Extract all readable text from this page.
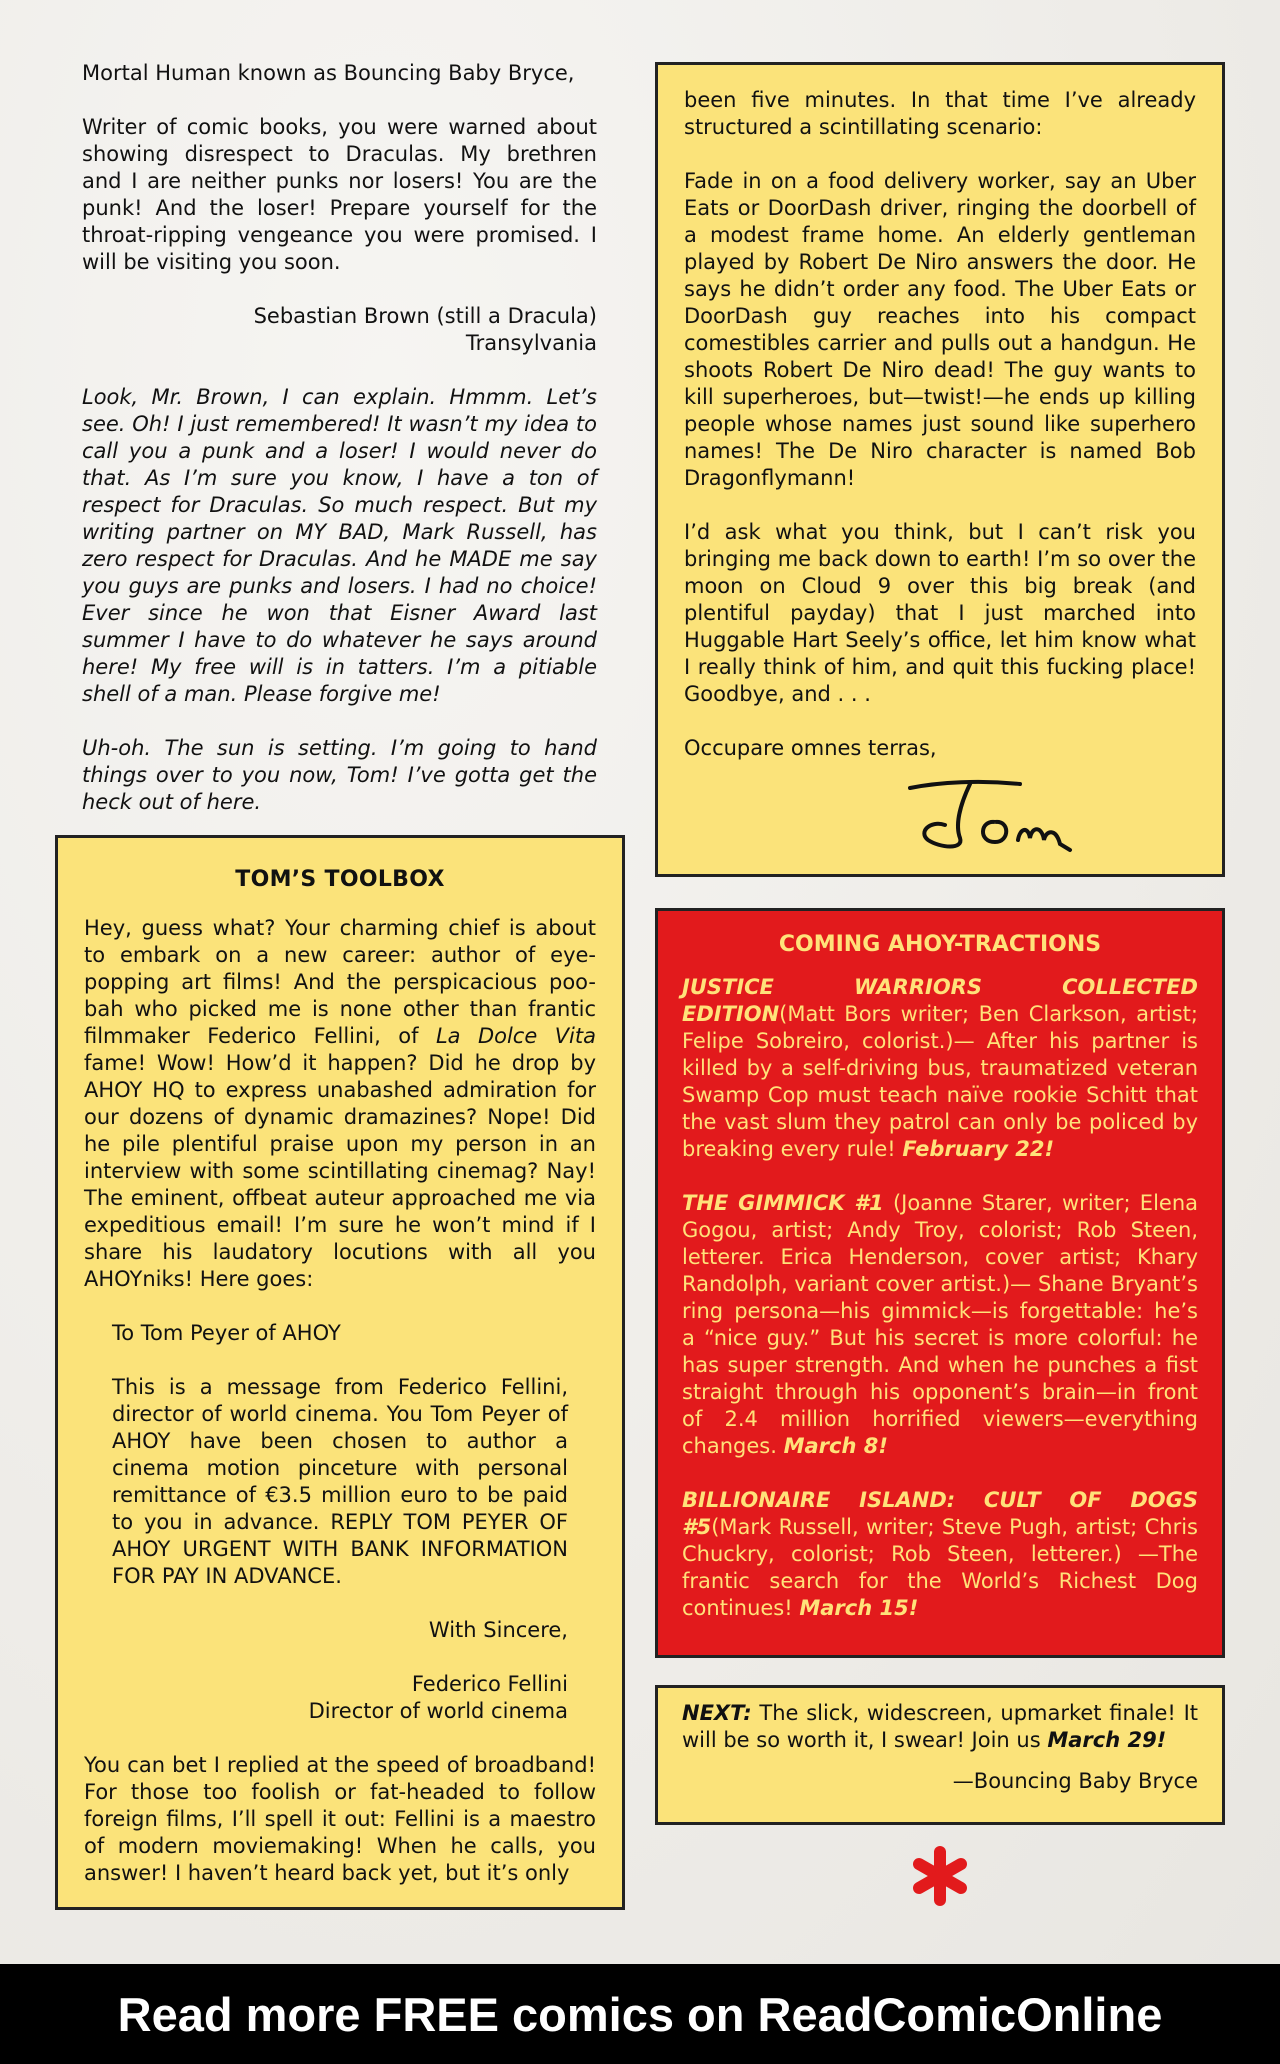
Mortal Human known as Bouncing Baby Bryce,

Writer of comic books, you were warned about showing disrespect to Draculas. My brethren and I are neither punks nor losers! You are the punk! And the loser! Prepare yourself for the throat-ripping vengeance you were promised. I will be visiting you soon.

Sebastian Brown (still a Dracula)

Transylvania

Look, Mr. Brown, I can explain. Hmmm. Let’s see. Oh! I just remembered! It wasn’t my idea to call you a punk and a loser! I would never do that. As I’m sure you know, I have a ton of respect for Draculas. So much respect. But my writing partner on MY BAD, Mark Russell, has zero respect for Draculas. And he MADE me say you guys are punks and losers. I had no choice! Ever since he won that Eisner Award last summer I have to do whatever he says around here! My free will is in tatters. I’m a pitiable shell of a man. Please forgive me!

Uh-oh. The sun is setting. I’m going to hand things over to you now, Tom! I’ve gotta get the heck out of here.

TOM’S TOOLBOX

Hey, guess what? Your charming chief is about to embark on a new career: author of eye-popping art films! And the perspicacious poo-bah who picked me is none other than frantic filmmaker Federico Fellini, of La Dolce Vita fame! Wow! How’d it happen? Did he drop by AHOY HQ to express unabashed admiration for our dozens of dynamic dramazines? Nope! Did he pile plentiful praise upon my person in an interview with some scintillating cinemag? Nay! The eminent, offbeat auteur approached me via expeditious email! I’m sure he won’t mind if I share his laudatory locutions with all you AHOYniks! Here goes:

To Tom Peyer of AHOY

This is a message from Federico Fellini, director of world cinema. You Tom Peyer of AHOY have been chosen to author a cinema motion pinceture with personal remittance of €3.5 million euro to be paid to you in advance. REPLY TOM PEYER OF AHOY URGENT WITH BANK INFORMATION FOR PAY IN ADVANCE.

With Sincere,

Federico Fellini

Director of world cinema

You can bet I replied at the speed of broadband! For those too foolish or fat-headed to follow foreign films, I’ll spell it out: Fellini is a maestro of modern moviemaking! When he calls, you answer! I haven’t heard back yet, but it’s only

been five minutes. In that time I’ve already structured a scintillating scenario:

Fade in on a food delivery worker, say an Uber Eats or DoorDash driver, ringing the doorbell of a modest frame home. An elderly gentleman played by Robert De Niro answers the door. He says he didn’t order any food. The Uber Eats or DoorDash guy reaches into his compact comestibles carrier and pulls out a handgun. He shoots Robert De Niro dead! The guy wants to kill superheroes, but—twist!—he ends up killing people whose names just sound like superhero names! The De Niro character is named Bob Dragonflymann!

I’d ask what you think, but I can’t risk you bringing me back down to earth! I’m so over the moon on Cloud 9 over this big break (and plentiful payday) that I just marched into Huggable Hart Seely’s office, let him know what I really think of him, and quit this fucking place! Goodbye, and . . .

Occupare omnes terras,

COMING AHOY-TRACTIONS

JUSTICE WARRIORS COLLECTED EDITION(Matt Bors writer; Ben Clarkson, artist; Felipe Sobreiro, colorist.)— After his partner is killed by a self-driving bus, traumatized veteran Swamp Cop must teach naïve rookie Schitt that the vast slum they patrol can only be policed by breaking every rule! February 22!

THE GIMMICK #1 (Joanne Starer, writer; Elena Gogou, artist; Andy Troy, colorist; Rob Steen, letterer. Erica Henderson, cover artist; Khary Randolph, variant cover artist.)— Shane Bryant’s ring persona—his gimmick—is forgettable: he’s a “nice guy.” But his secret is more colorful: he has super strength. And when he punches a fist straight through his opponent’s brain—in front of 2.4 million horrified viewers—everything changes. March 8!

BILLIONAIRE ISLAND: CULT OF DOGS #5(Mark Russell, writer; Steve Pugh, artist; Chris Chuckry, colorist; Rob Steen, letterer.) —The frantic search for the World’s Richest Dog continues! March 15!

NEXT: The slick, widescreen, upmarket finale! It will be so worth it, I swear! Join us March 29!

—Bouncing Baby Bryce
Read more FREE comics on ReadComicOnline
